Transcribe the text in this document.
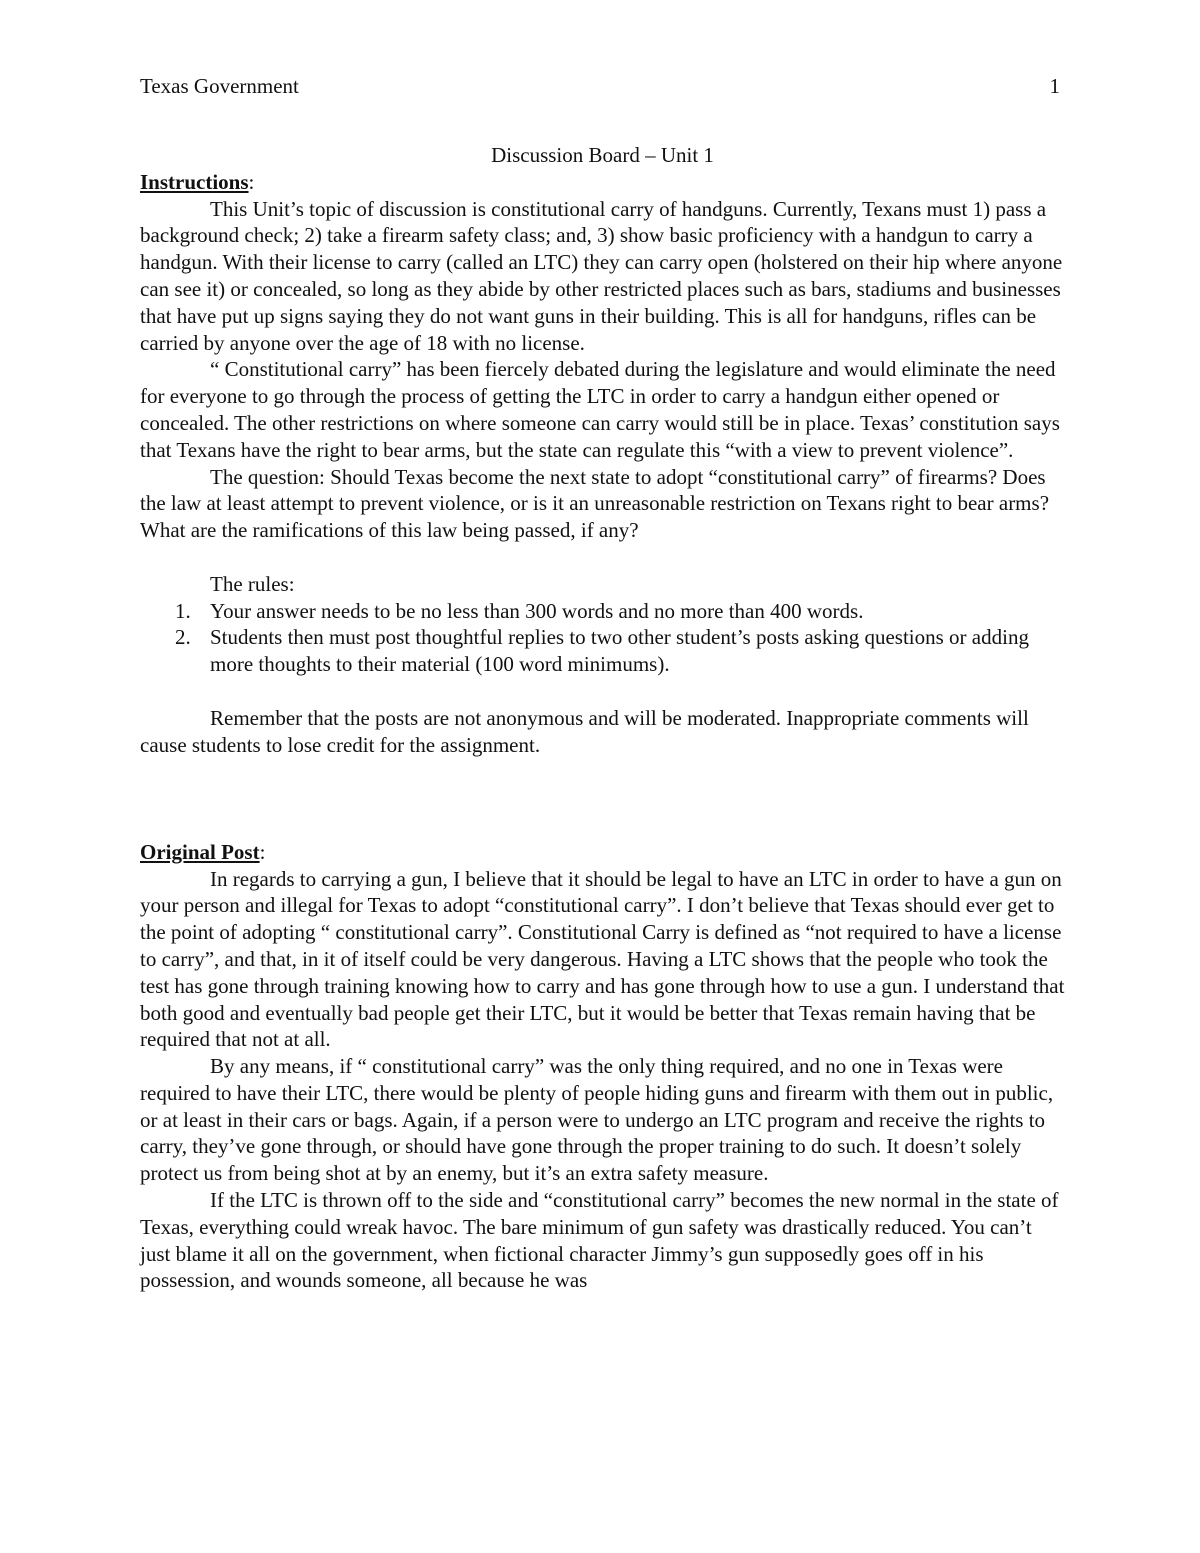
Texas Government	1
Discussion Board – Unit 1

Instructions:

This Unit’s topic of discussion is constitutional carry of handguns. Currently, Texans must 1) pass a background check; 2) take a firearm safety class; and, 3) show basic proficiency with a handgun to carry a handgun. With their license to carry (called an LTC) they can carry open (holstered on their hip where anyone can see it) or concealed, so long as they abide by other restricted places such as bars, stadiums and businesses that have put up signs saying they do not want guns in their building. This is all for handguns, rifles can be carried by anyone over the age of 18 with no license.

“ Constitutional carry” has been fiercely debated during the legislature and would eliminate the need for everyone to go through the process of getting the LTC in order to carry a handgun either opened or concealed. The other restrictions on where someone can carry would still be in place. Texas’ constitution says that Texans have the right to bear arms, but the state can regulate this “with a view to prevent violence”.

The question: Should Texas become the next state to adopt “constitutional carry” of firearms? Does the law at least attempt to prevent violence, or is it an unreasonable restriction on Texans right to bear arms? What are the ramifications of this law being passed, if any?

The rules:

1. Your answer needs to be no less than 300 words and no more than 400 words.
2. Students then must post thoughtful replies to two other student’s posts asking questions or adding more thoughts to their material (100 word minimums).

Remember that the posts are not anonymous and will be moderated. Inappropriate comments will cause students to lose credit for the assignment.

Original Post:

In regards to carrying a gun, I believe that it should be legal to have an LTC in order to have a gun on your person and illegal for Texas to adopt “constitutional carry”. I don’t believe that Texas should ever get to the point of adopting “ constitutional carry”. Constitutional Carry is defined as “not required to have a license to carry”, and that, in it of itself could be very dangerous. Having a LTC shows that the people who took the test has gone through training knowing how to carry and has gone through how to use a gun. I understand that both good and eventually bad people get their LTC, but it would be better that Texas remain having that be required that not at all.

By any means, if “ constitutional carry” was the only thing required, and no one in Texas were required to have their LTC, there would be plenty of people hiding guns and firearm with them out in public, or at least in their cars or bags. Again, if a person were to undergo an LTC program and receive the rights to carry, they’ve gone through, or should have gone through the proper training to do such. It doesn’t solely protect us from being shot at by an enemy, but it’s an extra safety measure.

If the LTC is thrown off to the side and “constitutional carry” becomes the new normal in the state of Texas, everything could wreak havoc. The bare minimum of gun safety was drastically reduced. You can’t just blame it all on the government, when fictional character Jimmy’s gun supposedly goes off in his possession, and wounds someone, all because he was
